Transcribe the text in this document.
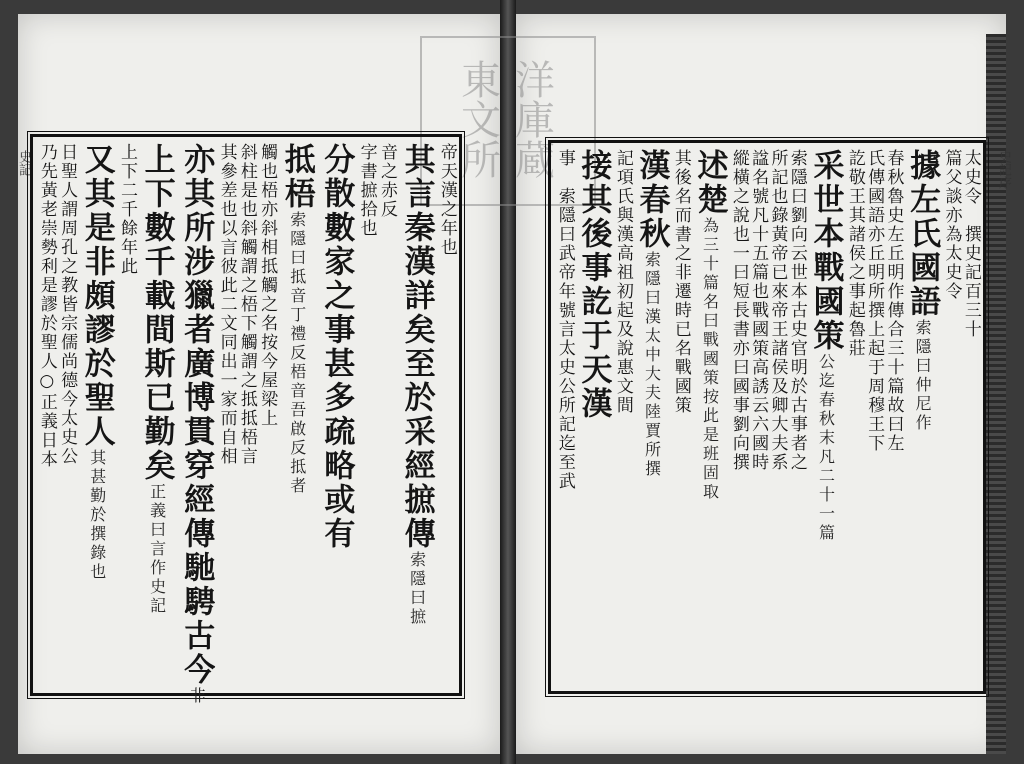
東 洋
文 庫
所 蔵	史記序
史記	太史令　撰史記百三十
篇父談亦為太史令
據左氏國語索隱曰仲尼作
春秋魯史左丘明作傳合三十篇故曰左
氏傳國語亦丘明所撰上起于周穆王下
訖敬王其諸侯之事起魯莊
采世本戰國策公迄春秋末凡二十一篇
索隱曰劉向云世本古史官明於古事者之
所記也錄黃帝已來帝王諸侯及卿大夫系
諡名號凡十五篇也戰國策高誘云六國時
縱橫之說也一曰短長書亦曰國事劉向撰
述楚為三十篇名曰戰國策按此是班固取
其後名而書之非遷時已名戰國策
漢春秋索隱曰漢太中大夫陸賈所撰
記項氏與漢高祖初起及說惠文間
接其後事訖于天漢
事　索隱曰武帝年號言太史公所記迄至武
帝天漢之年也
其言秦漢詳矣至於采經摭傳索隱曰摭
音之赤反
字書摭拾也
分散數家之事甚多疏略或有
抵梧索隱曰抵音丁禮反梧音吾啟反抵者
觸也梧亦斜相抵觸之名按今屋梁上
斜柱是也斜觸謂之梧下觸謂之抵抵梧言
其參差也以言彼此二文同出一家而自相
亦其所涉獵者廣博貫穿經傳馳騁古今非
上下數千載間斯已勤矣正義曰言作史記
上下二千餘年此
又其是非頗謬於聖人其甚勤於撰錄也
日聖人謂周孔之教皆宗儒尚德今太史公
乃先黃老崇勢利是謬於聖人○正義日本
